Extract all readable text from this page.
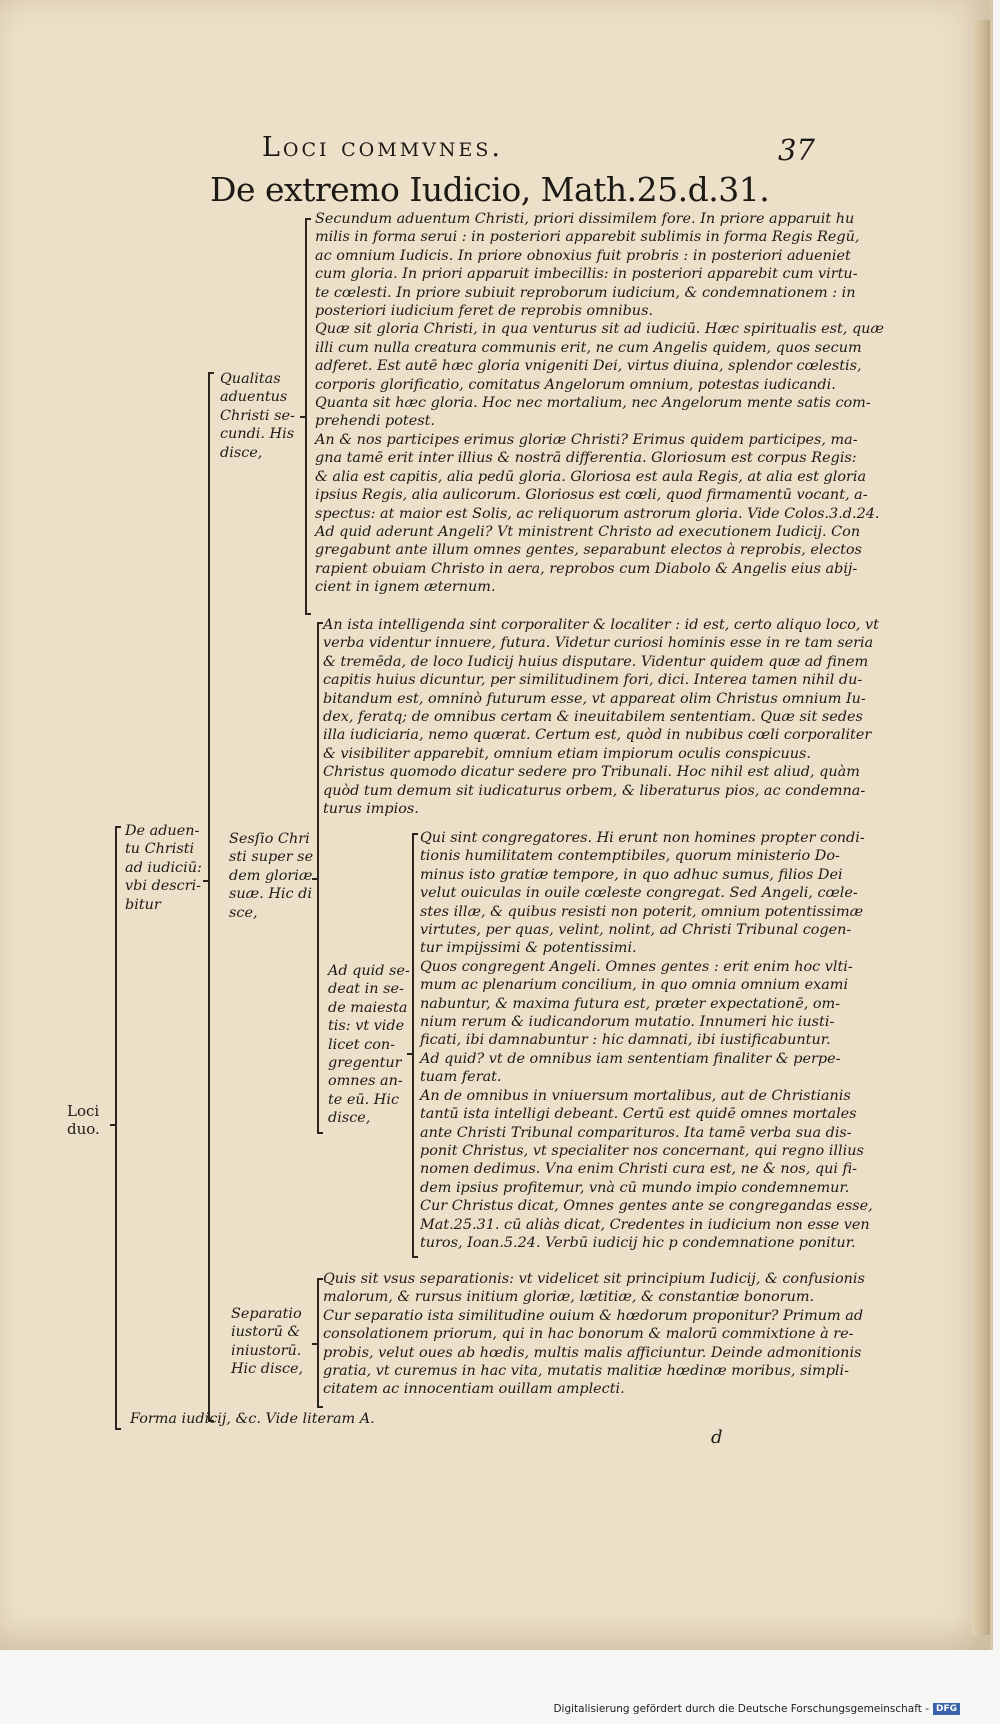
Loci commvnes.	37
De extremo Iudicio, Math.25.d.31.
Loci
duo.
De aduen-
tu Christi
ad iudiciū:
vbi descri-
bitur
Qualitas
aduentus
Christi se-
cundi. His
disce,
Sesſio Chri
sti super se
dem gloriæ
suæ. Hic di
sce,
Ad quid se-
deat in se-
de maiesta
tis: vt vide
licet con-
gregentur
omnes an-
te eū. Hic
disce,
Separatio
iustorū &
iniustorū.
Hic disce,
Secundum aduentum Christi, priori dissimilem fore. In priore apparuit hu
milis in forma serui : in posteriori apparebit sublimis in forma Regis Regū,
ac omnium Iudicis. In priore obnoxius fuit probris : in posteriori adueniet
cum gloria. In priori apparuit imbecillis: in posteriori apparebit cum virtu-
te cœlesti. In priore subiuit reproborum iudicium, & condemnationem : in
posteriori iudicium feret de reprobis omnibus.
Quæ sit gloria Christi, in qua venturus sit ad iudiciū. Hæc spiritualis est, quæ
illi cum nulla creatura communis erit, ne cum Angelis quidem, quos secum
adferet. Est autē hæc gloria vnigeniti Dei, virtus diuina, splendor cœlestis,
corporis glorificatio, comitatus Angelorum omnium, potestas iudicandi.
Quanta sit hæc gloria. Hoc nec mortalium, nec Angelorum mente satis com-
prehendi potest.
An & nos participes erimus gloriæ Christi? Erimus quidem participes, ma-
gna tamē erit inter illius & nostrā differentia. Gloriosum est corpus Regis:
& alia est capitis, alia pedū gloria. Gloriosa est aula Regis, at alia est gloria
ipsius Regis, alia aulicorum. Gloriosus est cœli, quod firmamentū vocant, a-
spectus: at maior est Solis, ac reliquorum astrorum gloria. Vide Colos.3.d.24.
Ad quid aderunt Angeli? Vt ministrent Christo ad executionem Iudicij. Con
gregabunt ante illum omnes gentes, separabunt electos à reprobis, electos
rapient obuiam Christo in aera, reprobos cum Diabolo & Angelis eius abij-
cient in ignem æternum.
An ista intelligenda sint corporaliter & localiter : id est, certo aliquo loco, vt
verba videntur innuere, futura. Videtur curiosi hominis esse in re tam seria
& tremēda, de loco Iudicij huius disputare. Videntur quidem quæ ad finem
capitis huius dicuntur, per similitudinem fori, dici. Interea tamen nihil du-
bitandum est, omninò futurum esse, vt appareat olim Christus omnium Iu-
dex, feratq; de omnibus certam & ineuitabilem sententiam. Quæ sit sedes
illa iudiciaria, nemo quærat. Certum est, quòd in nubibus cœli corporaliter
& visibiliter apparebit, omnium etiam impiorum oculis conspicuus.
Christus quomodo dicatur sedere pro Tribunali. Hoc nihil est aliud, quàm
quòd tum demum sit iudicaturus orbem, & liberaturus pios, ac condemna-
turus impios.
Qui sint congregatores. Hi erunt non homines propter condi-
tionis humilitatem contemptibiles, quorum ministerio Do-
minus isto gratiæ tempore, in quo adhuc sumus, filios Dei
velut ouiculas in ouile cœleste congregat. Sed Angeli, cœle-
stes illæ, & quibus resisti non poterit, omnium potentissimæ
virtutes, per quas, velint, nolint, ad Christi Tribunal cogen-
tur impijssimi & potentissimi.
Quos congregent Angeli. Omnes gentes : erit enim hoc vlti-
mum ac plenarium concilium, in quo omnia omnium exami
nabuntur, & maxima futura est, præter expectationē, om-
nium rerum & iudicandorum mutatio. Innumeri hic iusti-
ficati, ibi damnabuntur : hic damnati, ibi iustificabuntur.
Ad quid? vt de omnibus iam sententiam finaliter & perpe-
tuam ferat.
An de omnibus in vniuersum mortalibus, aut de Christianis
tantū ista intelligi debeant. Certū est quidē omnes mortales
ante Christi Tribunal comparituros. Ita tamē verba sua dis-
ponit Christus, vt specialiter nos concernant, qui regno illius
nomen dedimus. Vna enim Christi cura est, ne & nos, qui fi-
dem ipsius profitemur, vnà cū mundo impio condemnemur.
Cur Christus dicat, Omnes gentes ante se congregandas esse,
Mat.25.31. cū aliàs dicat, Credentes in iudicium non esse ven
turos, Ioan.5.24. Verbū iudicij hic p condemnatione ponitur.
Quis sit vsus separationis: vt videlicet sit principium Iudicij, & confusionis
malorum, & rursus initium gloriæ, lætitiæ, & constantiæ bonorum.
Cur separatio ista similitudine ouium & hœdorum proponitur? Primum ad
consolationem priorum, qui in hac bonorum & malorū commixtione à re-
probis, velut oues ab hœdis, multis malis afficiuntur. Deinde admonitionis
gratia, vt curemus in hac vita, mutatis malitiæ hœdinæ moribus, simpli-
citatem ac innocentiam ouillam amplecti.
Forma iudicij, &c. Vide literam A.
d
Digitalisierung gefördert durch die Deutsche Forschungsgemeinschaft - DFG
